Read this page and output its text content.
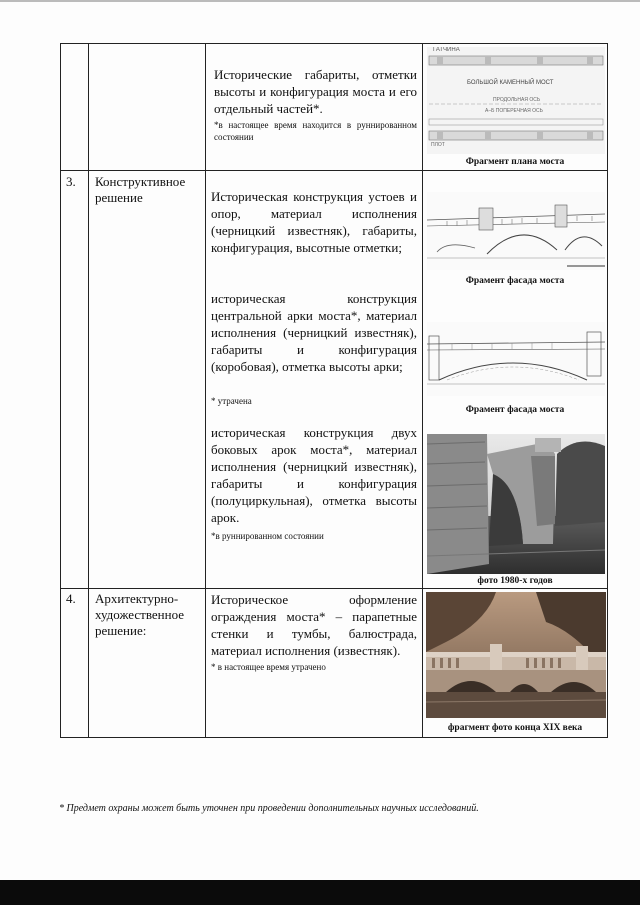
Исторические габариты, отметки высоты и конфигурация моста и его отдельный частей*.
*в настоящее время находится в руннированном состоянии
ГАТЧИНА
БОЛЬШОЙ КАМЕННЫЙ МОСТ
ПРОДОЛЬНАЯ ОСЬ
А–Б ПОПЕРЕЧНАЯ ОСЬ
ПЛОТ
Фрагмент плана моста
3. Конструктивное решение	Историческая конструкция устоев и опор, материал исполнения (черницкий известняк), габариты, конфигурация, высотные отметки;
Фрамент фасада моста
историческая конструкция центральной арки моста*, материал исполнения (черницкий известняк), габариты и конфигурация (коробовая), отметка высоты арки;
* утрачена
Фрамент фасада моста
историческая конструкция двух боковых арок моста*, материал исполнения (черницкий известняк), габариты и конфигурация (полуциркульная), отметка высоты арок.
*в руннированном состоянии
фото 1980-х годов
4. Архитектурно-художественное решение:
Историческое оформление ограждения моста* – парапетные стенки и тумбы, балюстрада, материал исполнения (известняк).
* в настоящее время утрачено
фрагмент фото конца XIX века
* Предмет охраны может быть уточнен при проведении дополнительных научных исследований.
